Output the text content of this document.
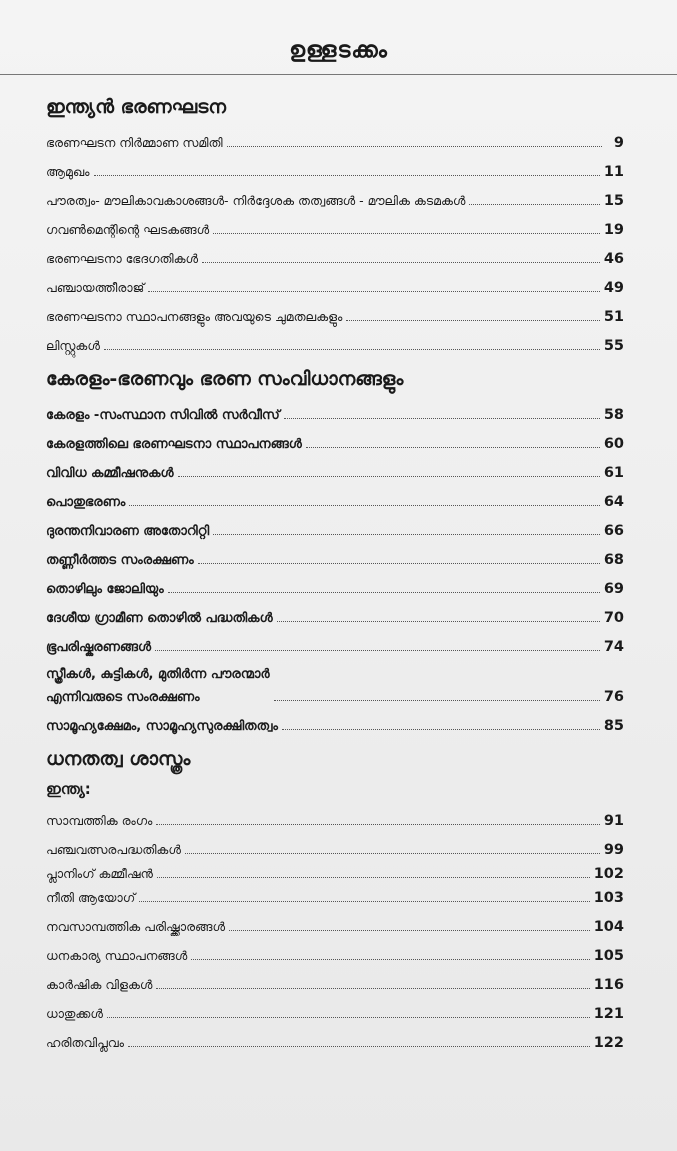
ഉള്ളടക്കം
ഇന്ത്യൻ ഭരണഘടന
ഭരണഘടന നിർമ്മാണ സമിതി	9
ആമുഖം	11
പൗരത്വം- മൗലികാവകാശങ്ങൾ- നിർദ്ദേശക തത്വങ്ങൾ - മൗലിക കടമകൾ	15
ഗവൺമെന്റിന്റെ ഘടകങ്ങൾ	19
ഭരണഘടനാ ഭേദഗതികൾ	46
പഞ്ചായത്തീരാജ്	49
ഭരണഘടനാ സ്ഥാപനങ്ങളും അവയുടെ ചുമതലകളും	51
ലിസ്റ്റുകൾ	55
കേരളം-ഭരണവും ഭരണ സംവിധാനങ്ങളും
കേരളം -സംസ്ഥാന സിവിൽ സർവീസ്	58
കേരളത്തിലെ ഭരണഘടനാ സ്ഥാപനങ്ങൾ	60
വിവിധ കമ്മീഷനുകൾ	61
പൊതുഭരണം	64
ദുരന്തനിവാരണ അതോറിറ്റി	66
തണ്ണീർത്തട സംരക്ഷണം	68
തൊഴിലും ജോലിയും	69
ദേശീയ ഗ്രാമീണ തൊഴിൽ പദ്ധതികൾ	70
ഭൂപരിഷ്കരണങ്ങൾ	74
സ്ത്രീകൾ, കുട്ടികൾ, മുതിർന്ന പൗരന്മാർ
എന്നിവരുടെ സംരക്ഷണം	76
സാമൂഹ്യക്ഷേമം, സാമൂഹ്യസുരക്ഷിതത്വം	85
ധനതത്വ ശാസ്ത്രം
ഇന്ത്യ:
സാമ്പത്തിക രംഗം	91
പഞ്ചവത്സരപദ്ധതികൾ	99
പ്ലാനിംഗ് കമ്മീഷൻ	102
നീതി ആയോഗ്	103
നവസാമ്പത്തിക പരിഷ്ക്കാരങ്ങൾ	104
ധനകാര്യ സ്ഥാപനങ്ങൾ	105
കാർഷിക വിളകൾ	116
ധാതുക്കൾ	121
ഹരിതവിപ്ലവം	122
